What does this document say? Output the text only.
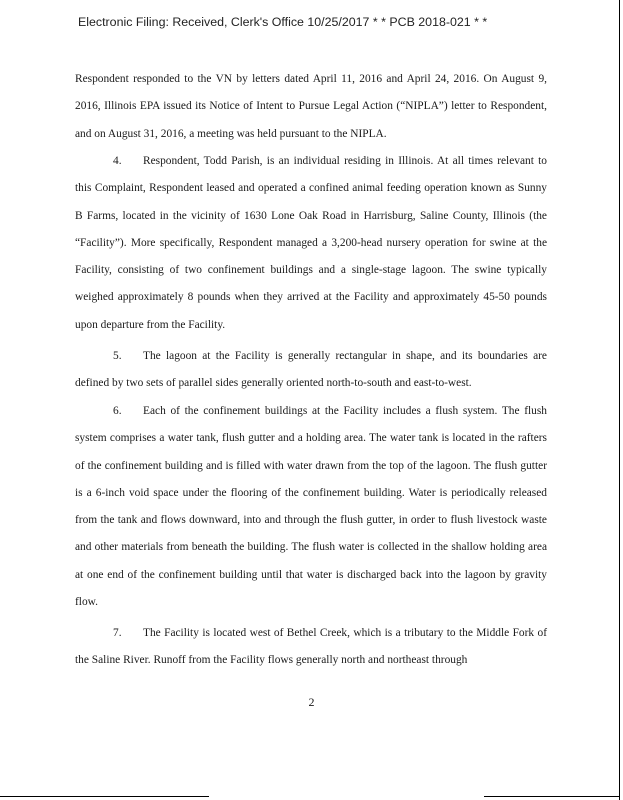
Electronic Filing: Received, Clerk's Office 10/25/2017 * * PCB 2018-021 * *

Respondent responded to the VN by letters dated April 11, 2016 and April 24, 2016. On August 9, 2016, Illinois EPA issued its Notice of Intent to Pursue Legal Action (“NIPLA”) letter to Respondent, and on August 31, 2016, a meeting was held pursuant to the NIPLA.

4. Respondent, Todd Parish, is an individual residing in Illinois. At all times relevant to this Complaint, Respondent leased and operated a confined animal feeding operation known as Sunny B Farms, located in the vicinity of 1630 Lone Oak Road in Harrisburg, Saline County, Illinois (the “Facility”). More specifically, Respondent managed a 3,200-head nursery operation for swine at the Facility, consisting of two confinement buildings and a single-stage lagoon. The swine typically weighed approximately 8 pounds when they arrived at the Facility and approximately 45-50 pounds upon departure from the Facility.

5. The lagoon at the Facility is generally rectangular in shape, and its boundaries are defined by two sets of parallel sides generally oriented north-to-south and east-to-west.

6. Each of the confinement buildings at the Facility includes a flush system. The flush system comprises a water tank, flush gutter and a holding area. The water tank is located in the rafters of the confinement building and is filled with water drawn from the top of the lagoon. The flush gutter is a 6-inch void space under the flooring of the confinement building. Water is periodically released from the tank and flows downward, into and through the flush gutter, in order to flush livestock waste and other materials from beneath the building. The flush water is collected in the shallow holding area at one end of the confinement building until that water is discharged back into the lagoon by gravity flow.

7. The Facility is located west of Bethel Creek, which is a tributary to the Middle Fork of the Saline River. Runoff from the Facility flows generally north and northeast through

2
